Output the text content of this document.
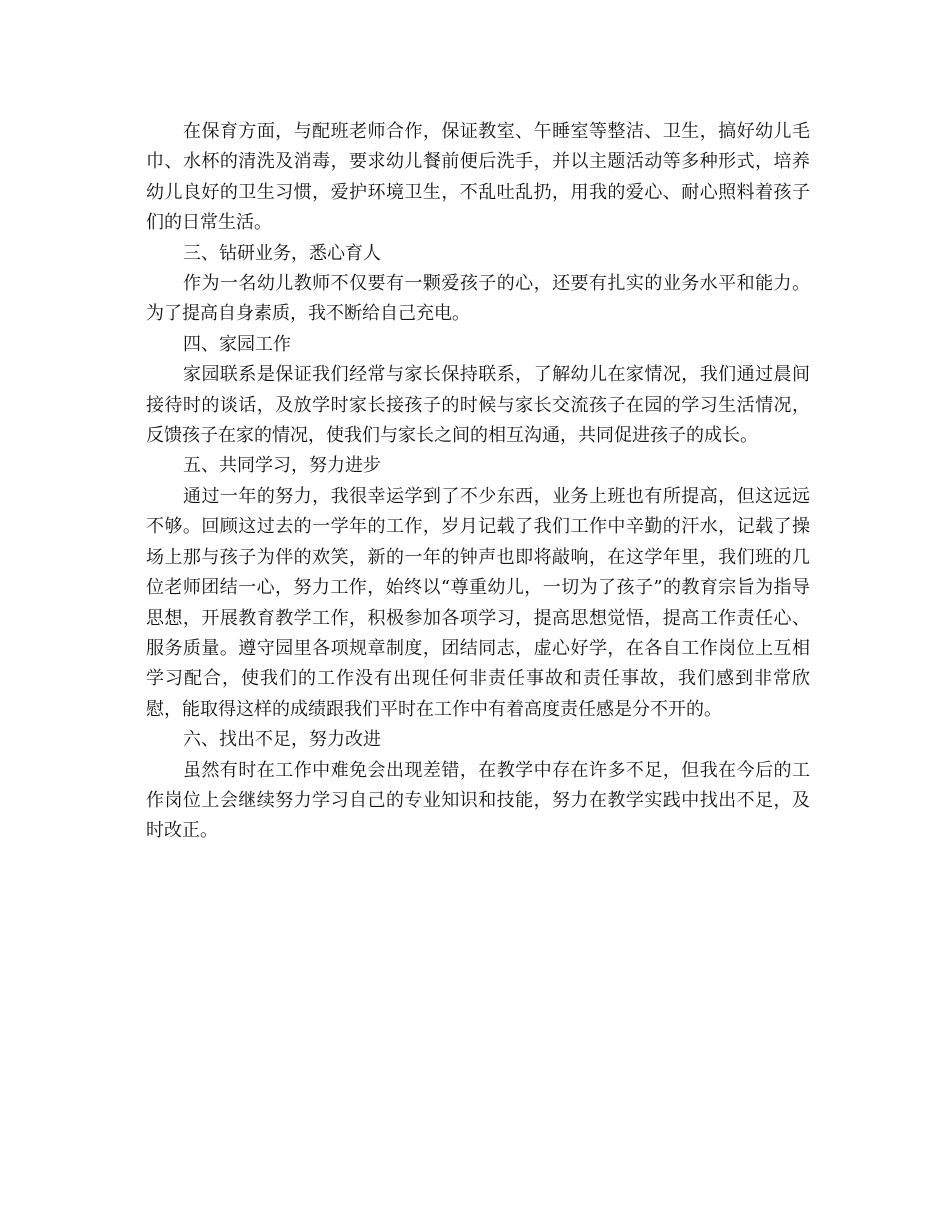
在保育方面，与配班老师合作，保证教室、午睡室等整洁、卫生，搞好幼儿毛巾、水杯的清洗及消毒，要求幼儿餐前便后洗手，并以主题活动等多种形式，培养幼儿良好的卫生习惯，爱护环境卫生，不乱吐乱扔，用我的爱心、耐心照料着孩子们的日常生活。

三、钻研业务，悉心育人

作为一名幼儿教师不仅要有一颗爱孩子的心，还要有扎实的业务水平和能力。为了提高自身素质，我不断给自己充电。

四、家园工作

家园联系是保证我们经常与家长保持联系，了解幼儿在家情况，我们通过晨间接待时的谈话，及放学时家长接孩子的时候与家长交流孩子在园的学习生活情况，反馈孩子在家的情况，使我们与家长之间的相互沟通，共同促进孩子的成长。

五、共同学习，努力进步

通过一年的努力，我很幸运学到了不少东西，业务上班也有所提高，但这远远不够。回顾这过去的一学年的工作，岁月记载了我们工作中辛勤的汗水，记载了操场上那与孩子为伴的欢笑，新的一年的钟声也即将敲响，在这学年里，我们班的几位老师团结一心，努力工作，始终以“尊重幼儿，一切为了孩子”的教育宗旨为指导思想，开展教育教学工作，积极参加各项学习，提高思想觉悟，提高工作责任心、服务质量。遵守园里各项规章制度，团结同志，虚心好学，在各自工作岗位上互相学习配合，使我们的工作没有出现任何非责任事故和责任事故，我们感到非常欣慰，能取得这样的成绩跟我们平时在工作中有着高度责任感是分不开的。

六、找出不足，努力改进

虽然有时在工作中难免会出现差错，在教学中存在许多不足，但我在今后的工作岗位上会继续努力学习自己的专业知识和技能，努力在教学实践中找出不足，及时改正。
